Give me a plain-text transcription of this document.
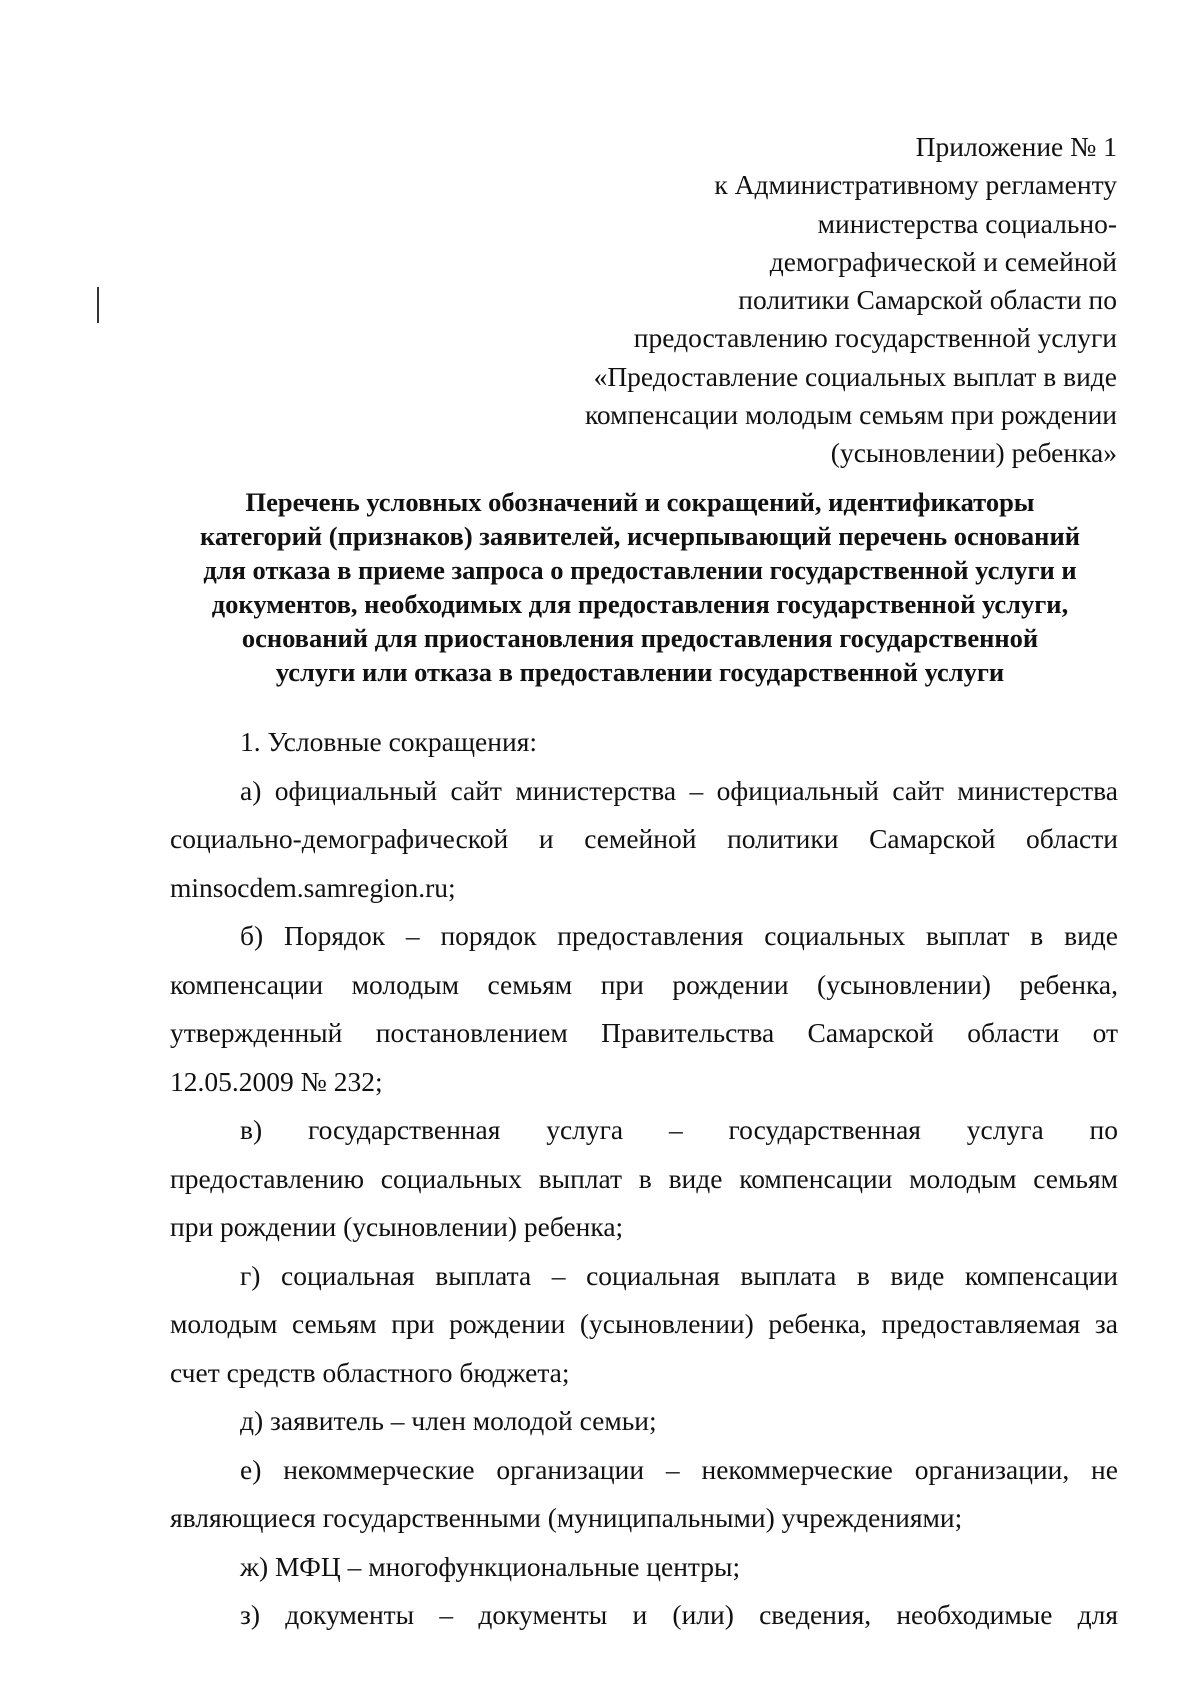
Приложение № 1
к Административному регламенту
министерства социально-
демографической и семейной
политики Самарской области по
предоставлению государственной услуги
«Предоставление социальных выплат в виде
компенсации молодым семьям при рождении
(усыновлении) ребенка»
Перечень условных обозначений и сокращений, идентификаторы
категорий (признаков) заявителей, исчерпывающий перечень оснований
для отказа в приеме запроса о предоставлении государственной услуги и
документов, необходимых для предоставления государственной услуги,
оснований для приостановления предоставления государственной
услуги или отказа в предоставлении государственной услуги
1. Условные сокращения:
а) официальный сайт министерства – официальный сайт министерства
социально-демографической и семейной политики Самарской области
minsocdem.samregion.ru;
б) Порядок – порядок предоставления социальных выплат в виде
компенсации молодым семьям при рождении (усыновлении) ребенка,
утвержденный постановлением Правительства Самарской области от
12.05.2009 № 232;
в) государственная услуга – государственная услуга по
предоставлению социальных выплат в виде компенсации молодым семьям
при рождении (усыновлении) ребенка;
г) социальная выплата – социальная выплата в виде компенсации
молодым семьям при рождении (усыновлении) ребенка, предоставляемая за
счет средств областного бюджета;
д) заявитель – член молодой семьи;
е) некоммерческие организации – некоммерческие организации, не
являющиеся государственными (муниципальными) учреждениями;
ж) МФЦ – многофункциональные центры;
з) документы – документы и (или) сведения, необходимые для
